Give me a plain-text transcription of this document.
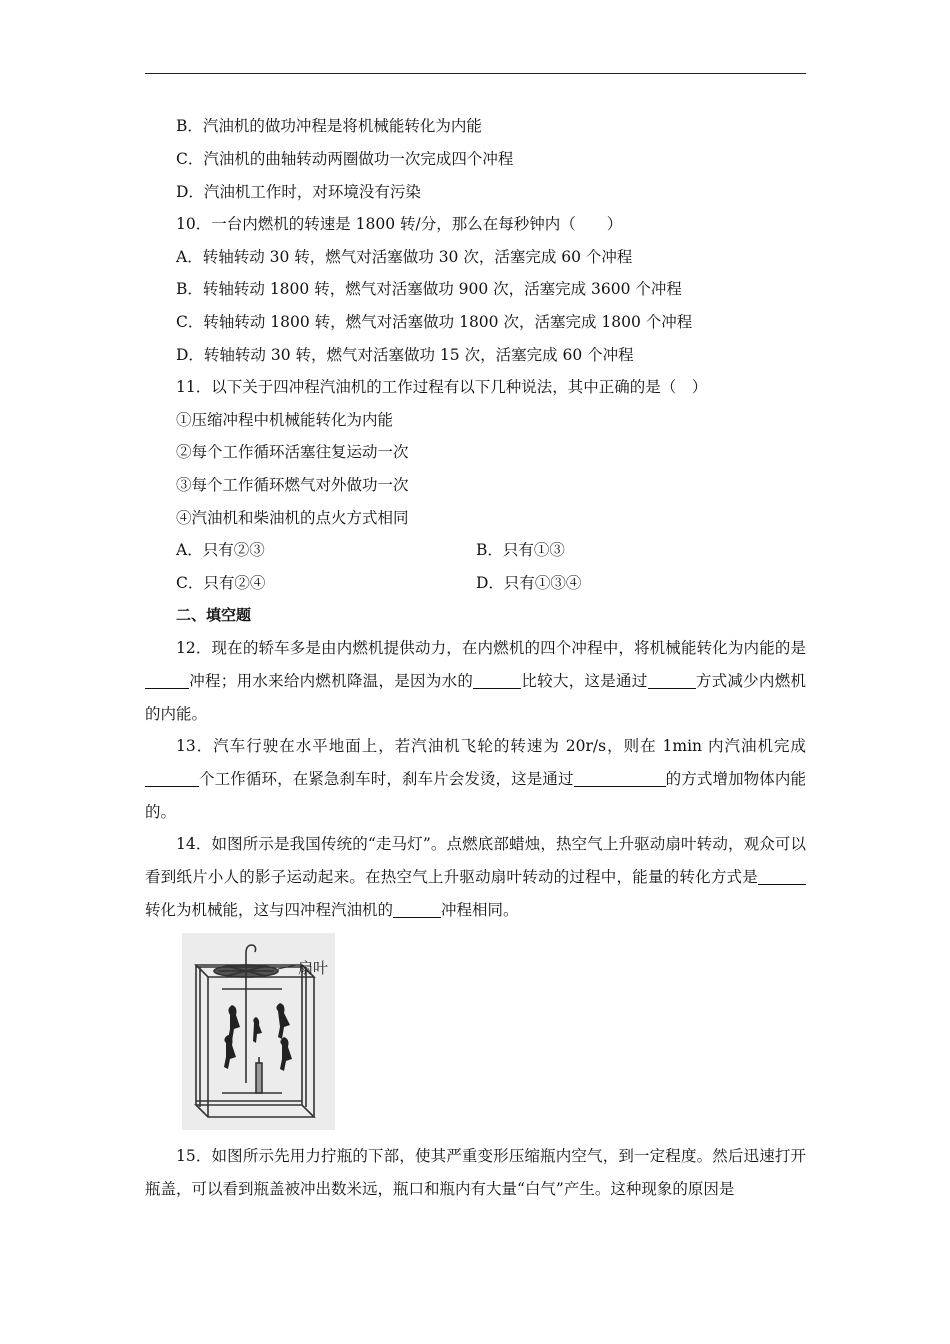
B．汽油机的做功冲程是将机械能转化为内能
C．汽油机的曲轴转动两圈做功一次完成四个冲程
D．汽油机工作时，对环境没有污染
10．一台内燃机的转速是 1800 转/分，那么在每秒钟内（　　）
A．转轴转动 30 转，燃气对活塞做功 30 次，活塞完成 60 个冲程
B．转轴转动 1800 转，燃气对活塞做功 900 次，活塞完成 3600 个冲程
C．转轴转动 1800 转，燃气对活塞做功 1800 次，活塞完成 1800 个冲程
D．转轴转动 30 转，燃气对活塞做功 15 次，活塞完成 60 个冲程
11．以下关于四冲程汽油机的工作过程有以下几种说法，其中正确的是（　）
①压缩冲程中机械能转化为内能
②每个工作循环活塞往复运动一次
③每个工作循环燃气对外做功一次
④汽油机和柴油机的点火方式相同
A．只有②③	B．只有①③
C．只有②④	D．只有①③④
二、填空题
12．现在的轿车多是由内燃机提供动力，在内燃机的四个冲程中，将机械能转化为内能的是冲程；用水来给内燃机降温，是因为水的	比较大，这是通过	方式减少内燃机的内能。
13．汽车行驶在水平地面上，若汽油机飞轮的转速为 20r/s，则在 1min 内汽油机完成个工作循环，在紧急刹车时，刹车片会发烫，这是通过	的方式增加物体内能的。
14．如图所示是我国传统的“走马灯”。点燃底部蜡烛，热空气上升驱动扇叶转动，观众可以看到纸片小人的影子运动起来。在热空气上升驱动扇叶转动的过程中，能量的转化方式是转化为机械能，这与四冲程汽油机的	冲程相同。
扇叶
15．如图所示先用力拧瓶的下部，使其严重变形压缩瓶内空气，到一定程度。然后迅速打开瓶盖，可以看到瓶盖被冲出数米远，瓶口和瓶内有大量“白气”产生。这种现象的原因是
